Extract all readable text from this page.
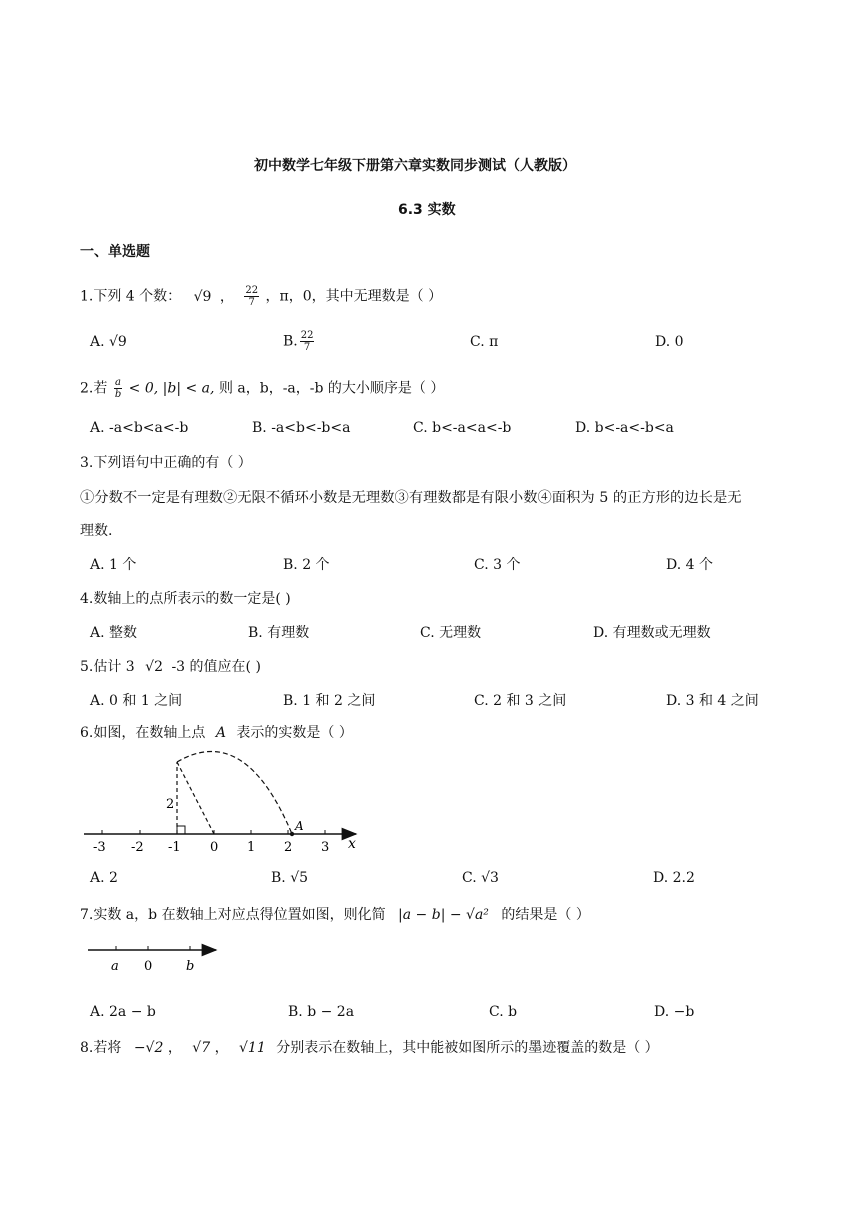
初中数学七年级下册第六章实数同步测试（人教版）
6.3 实数
一、单选题
1.下列 4 个数： √9 ， $\frac{22}{7}$ ，π，0，其中无理数是（ ）
A. √9	B. $\frac{22}{7}$	C. π	D. 0
2.若 $\frac{a}{b} < 0$, |b| < a, 则 a，b，-a，-b 的大小顺序是（ ）
A. -a<b<a<-b	B. -a<b<-b<a	C. b<-a<a<-b	D. b<-a<-b<a
3.下列语句中正确的有（ ）
①分数不一定是有理数②无限不循环小数是无理数③有理数都是有限小数④面积为 5 的正方形的边长是无
理数.
A. 1 个	B. 2 个	C. 3 个	D. 4 个
4.数轴上的点所表示的数一定是( )
A. 整数	B. 有理数	C. 无理数	D. 有理数或无理数
5.估计 3 √2 -3 的值应在( )
A. 0 和 1 之间	B. 1 和 2 之间	C. 2 和 3 之间	D. 3 和 4 之间
6.如图，在数轴上点 A 表示的实数是（ ）
-3 -2 -1 0 1 2 3 x
2
A
A. 2	B. √5	C. √3	D. 2.2
7.实数 a，b 在数轴上对应点得位置如图，则化简 |a − b| − √a² 的结果是（ ）
a 0	b
A. 2a − b	B. b − 2a	C. b	D. −b
8.若将 −√2 ， √7 ， √11 分别表示在数轴上，其中能被如图所示的墨迹覆盖的数是（ ）
